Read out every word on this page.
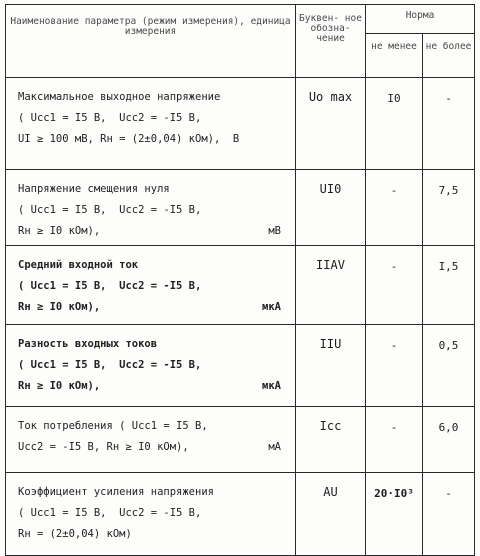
Наименование параметра (режим измерения), единица измерения	Буквен- ное обозна- чение	Норма	
		не менее	не более

Максимальное выходное напряжение
( Ucc1 = I5 В,  Ucc2 = -I5 В,
UI ≥ 100 мВ, Rн = (2±0,04) кОм),  В	Uo max	I0	-

Напряжение смещения нуля
( Ucc1 = I5 В,  Ucc2 = -I5 В,
Rн ≥ I0 кОм), мВ	UI0	-	7,5

Средний входной ток
( Ucc1 = I5 В,  Ucc2 = -I5 В,
Rн ≥ I0 кОм), мкА	IIAV	-	I,5

Разность входных токов
( Ucc1 = I5 В,  Ucc2 = -I5 В,
Rн ≥ I0 кОм), мкА	IIU	-	0,5

Ток потребления ( Ucc1 = I5 В,
Ucc2 = -I5 В, Rн ≥ I0 кОм), мА	Icc	-	6,0

Коэффициент усиления напряжения
( Ucc1 = I5 В,  Ucc2 = -I5 В,
Rн = (2±0,04) кОм)	AU	20·I0³	-
